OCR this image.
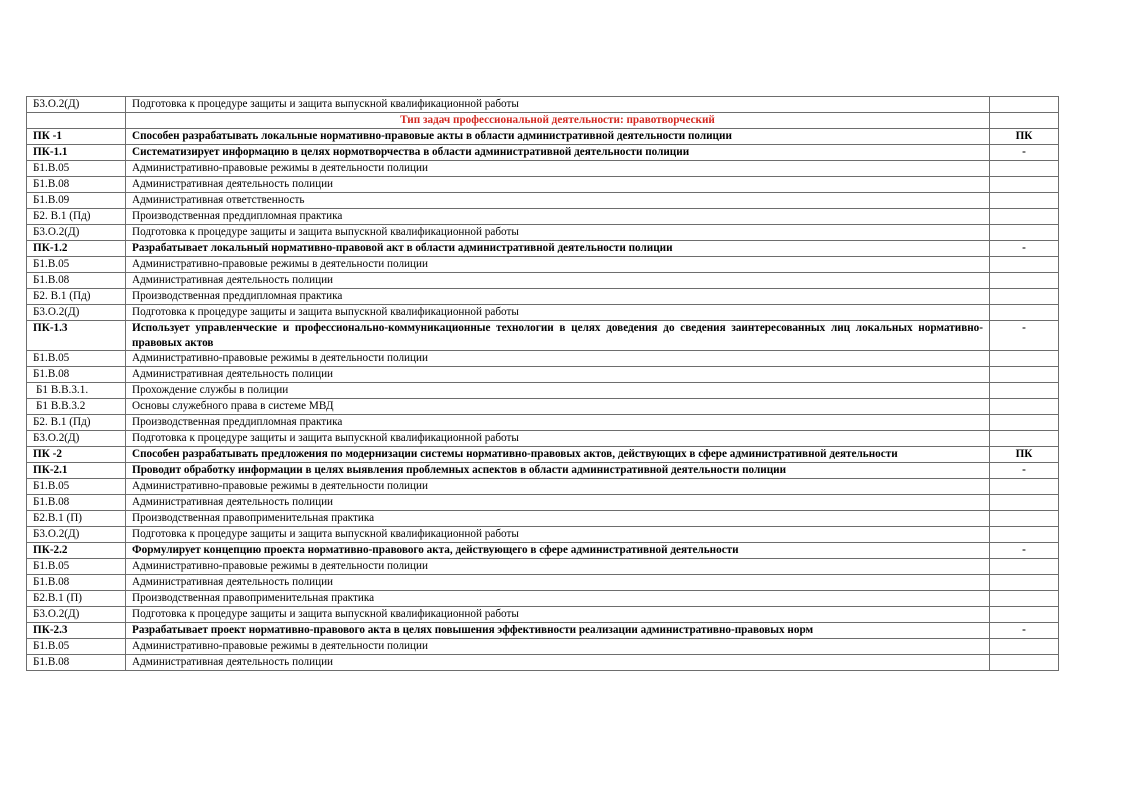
Б3.О.2(Д)	Подготовка к процедуре защиты и защита выпускной квалификационной работы	
	Тип задач профессиональной деятельности: правотворческий	
ПК -1	Способен разрабатывать локальные нормативно-правовые акты в области административной деятельности полиции	ПК
ПК-1.1	Систематизирует информацию в целях нормотворчества в области административной деятельности полиции	-
Б1.В.05	Административно-правовые режимы в деятельности полиции	
Б1.В.08	Административная деятельность полиции	
Б1.В.09	Административная ответственность	
Б2. В.1 (Пд)	Производственная преддипломная практика	
Б3.О.2(Д)	Подготовка к процедуре защиты и защита выпускной квалификационной работы	
ПК-1.2	Разрабатывает локальный нормативно-правовой акт в области административной деятельности полиции	-
Б1.В.05	Административно-правовые режимы в деятельности полиции	
Б1.В.08	Административная деятельность полиции	
Б2. В.1 (Пд)	Производственная преддипломная практика	
Б3.О.2(Д)	Подготовка к процедуре защиты и защита выпускной квалификационной работы	
ПК-1.3	Использует управленческие и профессионально-коммуникационные технологии в целях доведения до сведения заинтересованных лиц локальных нормативно-правовых актов	-
Б1.В.05	Административно-правовые режимы в деятельности полиции	
Б1.В.08	Административная деятельность полиции	
Б1 В.В.3.1.	Прохождение службы в полиции	
Б1 В.В.3.2	Основы служебного права в системе МВД	
Б2. В.1 (Пд)	Производственная преддипломная практика	
Б3.О.2(Д)	Подготовка к процедуре защиты и защита выпускной квалификационной работы	
ПК -2	Способен разрабатывать предложения по модернизации системы нормативно-правовых актов, действующих в сфере административной деятельности	ПК
ПК-2.1	Проводит обработку информации в целях выявления проблемных аспектов в области административной деятельности полиции	-
Б1.В.05	Административно-правовые режимы в деятельности полиции	
Б1.В.08	Административная деятельность полиции	
Б2.В.1 (П)	Производственная правоприменительная практика	
Б3.О.2(Д)	Подготовка к процедуре защиты и защита выпускной квалификационной работы	
ПК-2.2	Формулирует концепцию проекта нормативно-правового акта, действующего в сфере административной деятельности	-
Б1.В.05	Административно-правовые режимы в деятельности полиции	
Б1.В.08	Административная деятельность полиции	
Б2.В.1 (П)	Производственная правоприменительная практика	
Б3.О.2(Д)	Подготовка к процедуре защиты и защита выпускной квалификационной работы	
ПК-2.3	Разрабатывает проект нормативно-правового акта в целях повышения эффективности реализации административно-правовых норм	-
Б1.В.05	Административно-правовые режимы в деятельности полиции	
Б1.В.08	Административная деятельность полиции	
